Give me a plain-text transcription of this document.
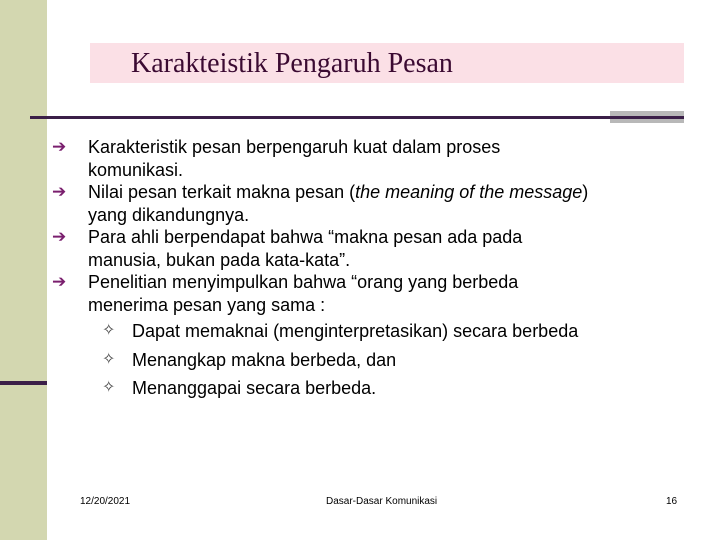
Karakteistik Pengaruh Pesan
➔	Karakteristik pesan berpengaruh kuat dalam proses
komunikasi.
➔	Nilai pesan terkait makna pesan (the meaning of the message)
yang dikandungnya.
➔	Para ahli berpendapat bahwa “makna pesan ada pada
manusia, bukan pada kata-kata”.
➔	Penelitian menyimpulkan bahwa “orang yang berbeda
menerima pesan yang sama :
✧ Dapat memaknai (menginterpretasikan) secara berbeda
✧ Menangkap makna berbeda, dan
✧ Menanggapai secara berbeda.
12/20/2021	Dasar-Dasar Komunikasi	16
